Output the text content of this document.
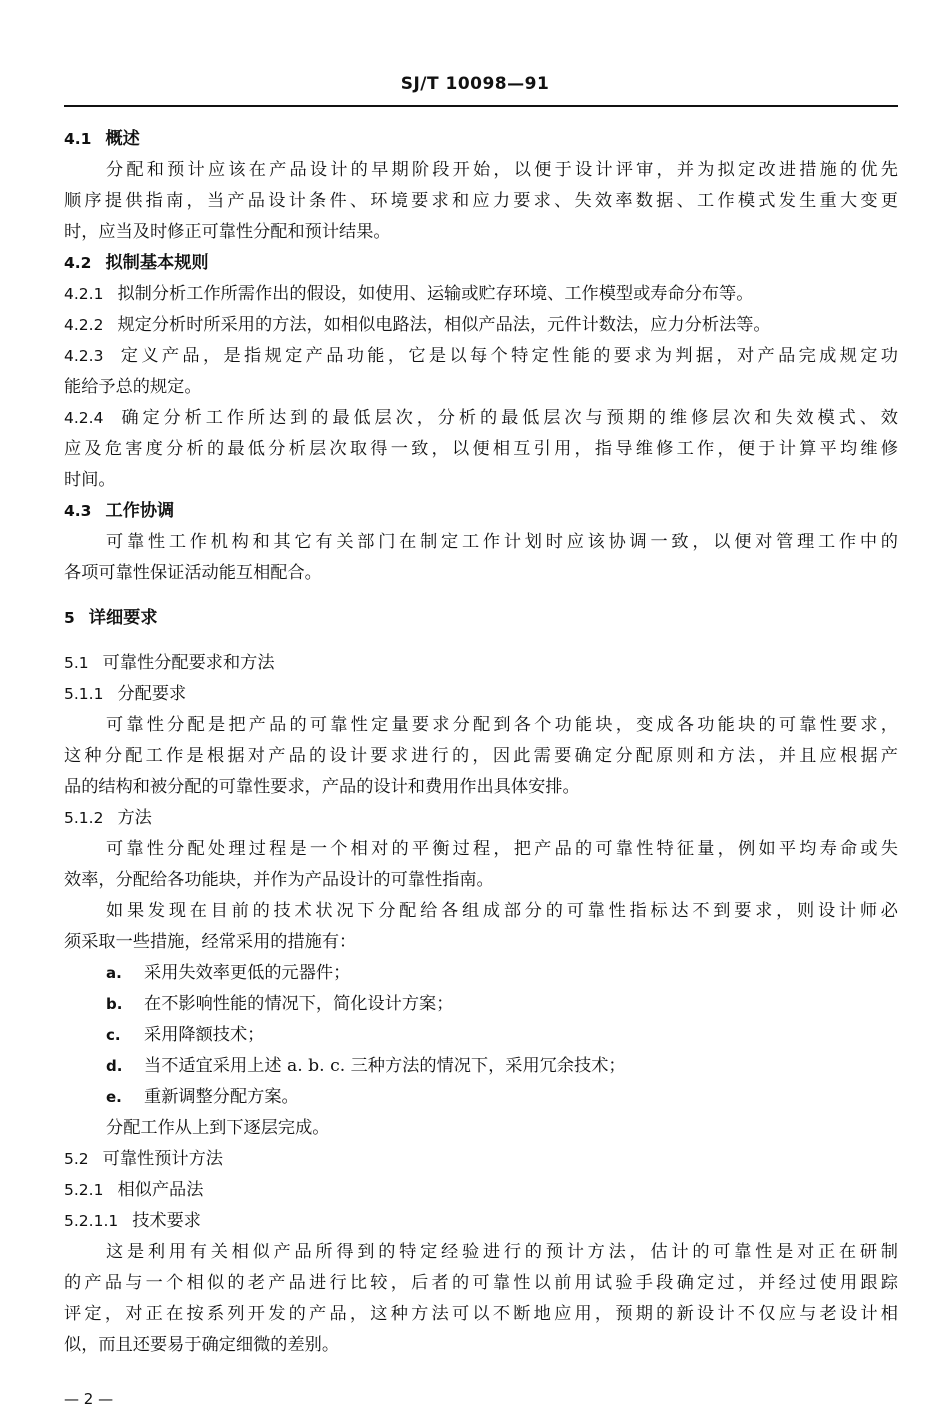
SJ/T 10098—91
4.1 概述
分配和预计应该在产品设计的早期阶段开始，以便于设计评审，并为拟定改进措施的优先
顺序提供指南，当产品设计条件、环境要求和应力要求、失效率数据、工作模式发生重大变更
时，应当及时修正可靠性分配和预计结果。
4.2 拟制基本规则
4.2.1 拟制分析工作所需作出的假设，如使用、运输或贮存环境、工作模型或寿命分布等。
4.2.2 规定分析时所采用的方法，如相似电路法，相似产品法，元件计数法，应力分析法等。
4.2.3 定义产品，是指规定产品功能，它是以每个特定性能的要求为判据，对产品完成规定功
能给予总的规定。
4.2.4 确定分析工作所达到的最低层次，分析的最低层次与预期的维修层次和失效模式、效
应及危害度分析的最低分析层次取得一致，以便相互引用，指导维修工作，便于计算平均维修
时间。
4.3 工作协调
可靠性工作机构和其它有关部门在制定工作计划时应该协调一致，以便对管理工作中的
各项可靠性保证活动能互相配合。
5 详细要求
5.1 可靠性分配要求和方法
5.1.1 分配要求
可靠性分配是把产品的可靠性定量要求分配到各个功能块，变成各功能块的可靠性要求，
这种分配工作是根据对产品的设计要求进行的，因此需要确定分配原则和方法，并且应根据产
品的结构和被分配的可靠性要求，产品的设计和费用作出具体安排。
5.1.2 方法
可靠性分配处理过程是一个相对的平衡过程，把产品的可靠性特征量，例如平均寿命或失
效率，分配给各功能块，并作为产品设计的可靠性指南。
如果发现在目前的技术状况下分配给各组成部分的可靠性指标达不到要求，则设计师必
须采取一些措施，经常采用的措施有：
a. 采用失效率更低的元器件；
b. 在不影响性能的情况下，简化设计方案；
c. 采用降额技术；
d. 当不适宜采用上述 a. b. c. 三种方法的情况下，采用冗余技术；
e. 重新调整分配方案。
分配工作从上到下逐层完成。
5.2 可靠性预计方法
5.2.1 相似产品法
5.2.1.1 技术要求
这是利用有关相似产品所得到的特定经验进行的预计方法，估计的可靠性是对正在研制
的产品与一个相似的老产品进行比较，后者的可靠性以前用试验手段确定过，并经过使用跟踪
评定，对正在按系列开发的产品，这种方法可以不断地应用，预期的新设计不仅应与老设计相
似，而且还要易于确定细微的差别。
— 2 —
